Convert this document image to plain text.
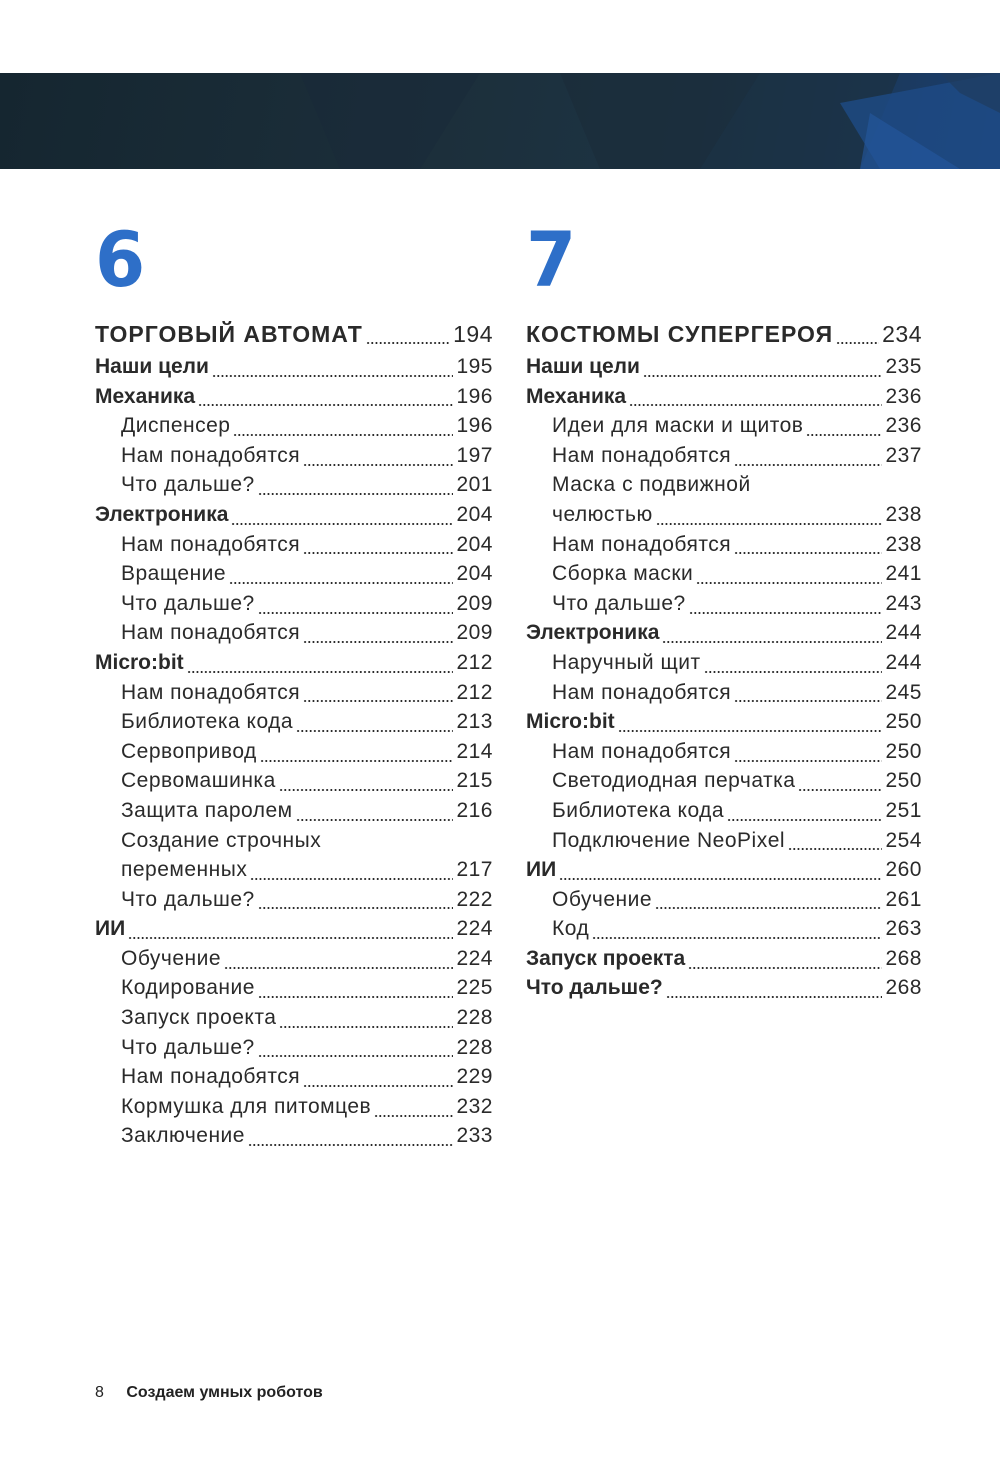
6
ТОРГОВЫЙ АВТОМАТ	194
Наши цели	195
Механика	196
Диспенсер	196
Нам понадобятся	197
Что дальше?	201
Электроника	204
Нам понадобятся	204
Вращение	204
Что дальше?	209
Нам понадобятся	209
Micro:bit	212
Нам понадобятся	212
Библиотека кода	213
Сервопривод	214
Сервомашинка	215
Защита паролем	216
Создание строчных
переменных	217
Что дальше?	222
ИИ	224
Обучение	224
Кодирование	225
Запуск проекта	228
Что дальше?	228
Нам понадобятся	229
Кормушка для питомцев	232
Заключение	233
7
КОСТЮМЫ СУПЕРГЕРОЯ 234
Наши цели	235
Механика	236
Идеи для маски и щитов	236
Нам понадобятся	237
Маска с подвижной
челюстью	238
Нам понадобятся	238
Сборка маски	241
Что дальше?	243
Электроника	244
Наручный щит	244
Нам понадобятся	245
Micro:bit	250
Нам понадобятся	250
Светодиодная перчатка	250
Библиотека кода	251
Подключение NeoPixel	254
ИИ	260
Обучение	261
Код	263
Запуск проекта	268
Что дальше?	268
8 Создаем умных роботов
